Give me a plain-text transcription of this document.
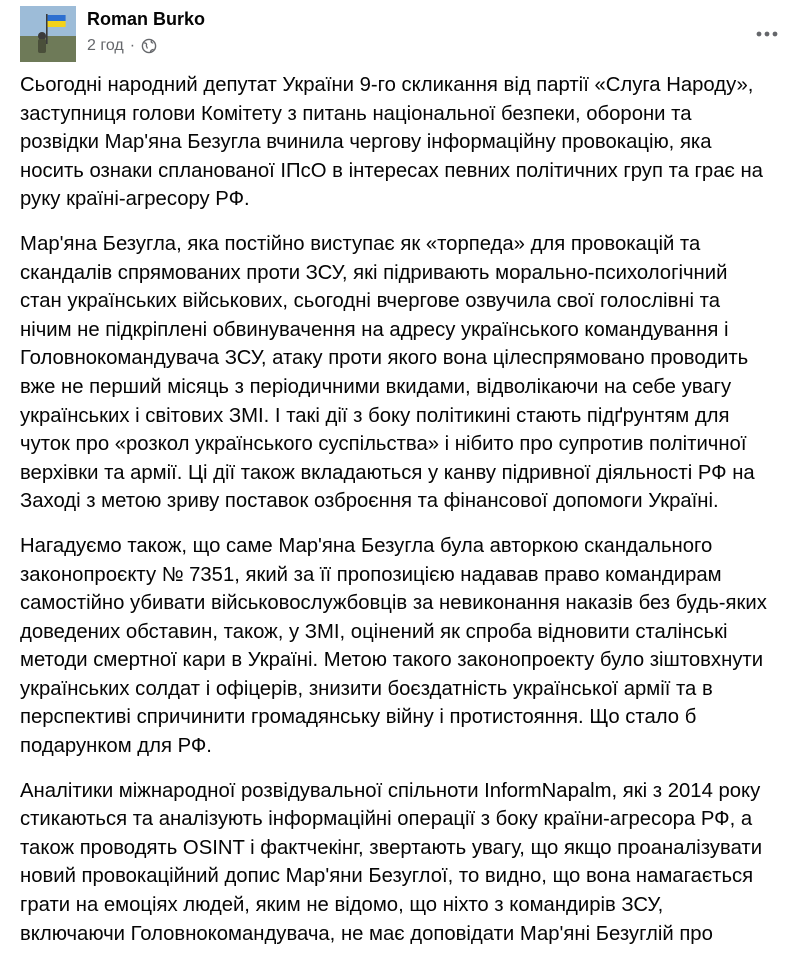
Roman Burko
2 год ·

Сьогодні народний депутат України 9-го скликання від партії «Слуга Народу»,
заступниця голови Комітету з питань національної безпеки, оборони та
розвідки Мар'яна Безугла вчинила чергову інформаційну провокацію, яка
носить ознаки спланованої ІПсО в інтересах певних політичних груп та грає на
руку країні-агресору РФ.

Мар'яна Безугла, яка постійно виступає як «торпеда» для провокацій та
скандалів спрямованих проти ЗСУ, які підривають морально-психологічний
стан українських військових, сьогодні вчергове озвучила свої голослівні та
нічим не підкріплені обвинувачення на адресу українського командування і
Головнокомандувача ЗСУ, атаку проти якого вона цілеспрямовано проводить
вже не перший місяць з періодичними вкидами, відволікаючи на себе увагу
українських і світових ЗМІ. І такі дії з боку політикині стають підґрунтям для
чуток про «розкол українського суспільства» і нібито про супротив політичної
верхівки та армії. Ці дії також вкладаються у канву підривної діяльності РФ на
Заході з метою зриву поставок озброєння та фінансової допомоги Україні.

Нагадуємо також, що саме Мар'яна Безугла була авторкою скандального
законопроєкту № 7351, який за її пропозицією надавав право командирам
самостійно убивати військовослужбовців за невиконання наказів без будь-яких
доведених обставин, також, у ЗМІ, оцінений як спроба відновити сталінські
методи смертної кари в Україні. Метою такого законопроекту було зіштовхнути
українських солдат і офіцерів, знизити боєздатність української армії та в
перспективі спричинити громадянську війну і протистояння. Що стало б
подарунком для РФ.

Аналітики міжнародної розвідувальної спільноти InformNapalm, які з 2014 року
стикаються та аналізують інформаційні операції з боку країни-агресора РФ, а
також проводять OSINT і фактчекінг, звертають увагу, що якщо проаналізувати
новий провокаційний допис Мар'яни Безуглої, то видно, що вона намагається
грати на емоціях людей, яким не відомо, що ніхто з командирів ЗСУ,
включаючи Головнокомандувача, не має доповідати Мар'яні Безуглій про
